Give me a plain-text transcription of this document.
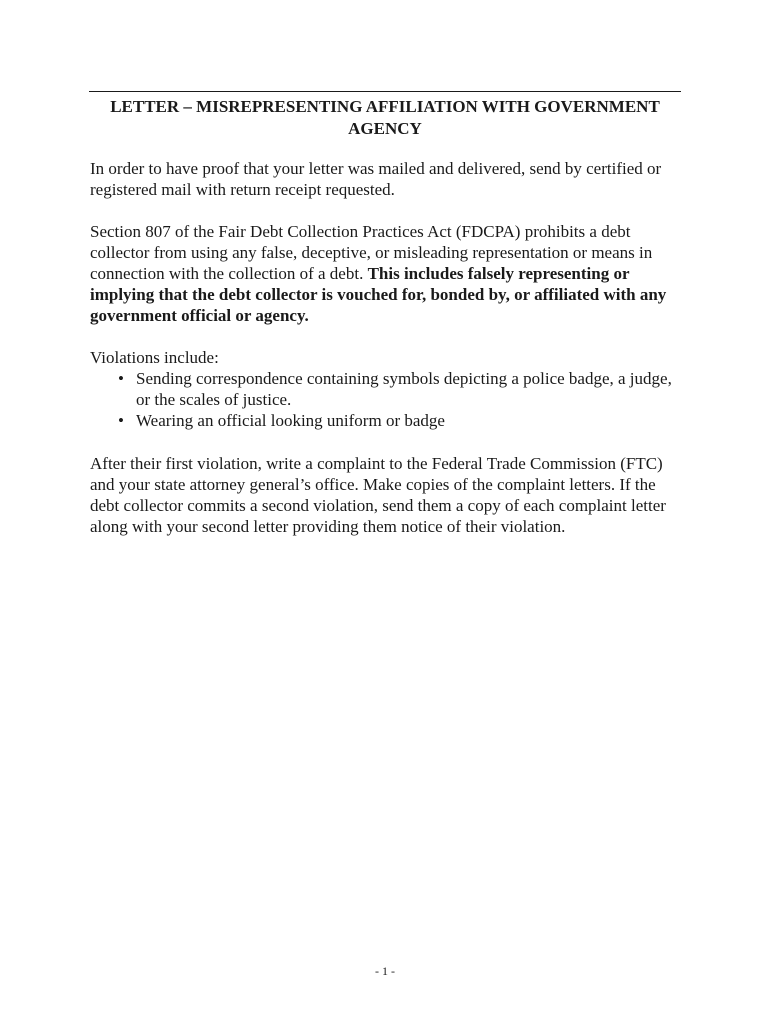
LETTER – MISREPRESENTING AFFILIATION WITH GOVERNMENT
AGENCY

In order to have proof that your letter was mailed and delivered, send by certified or registered mail with return receipt requested.

Section 807 of the Fair Debt Collection Practices Act (FDCPA) prohibits a debt collector from using any false, deceptive, or misleading representation or means in connection with the collection of a debt. This includes falsely representing or implying that the debt collector is vouched for, bonded by, or affiliated with any government official or agency.

Violations include:

• Sending correspondence containing symbols depicting a police badge, a judge, or the scales of justice.
• Wearing an official looking uniform or badge

After their first violation, write a complaint to the Federal Trade Commission (FTC) and your state attorney general’s office. Make copies of the complaint letters. If the debt collector commits a second violation, send them a copy of each complaint letter along with your second letter providing them notice of their violation.

- 1 -
